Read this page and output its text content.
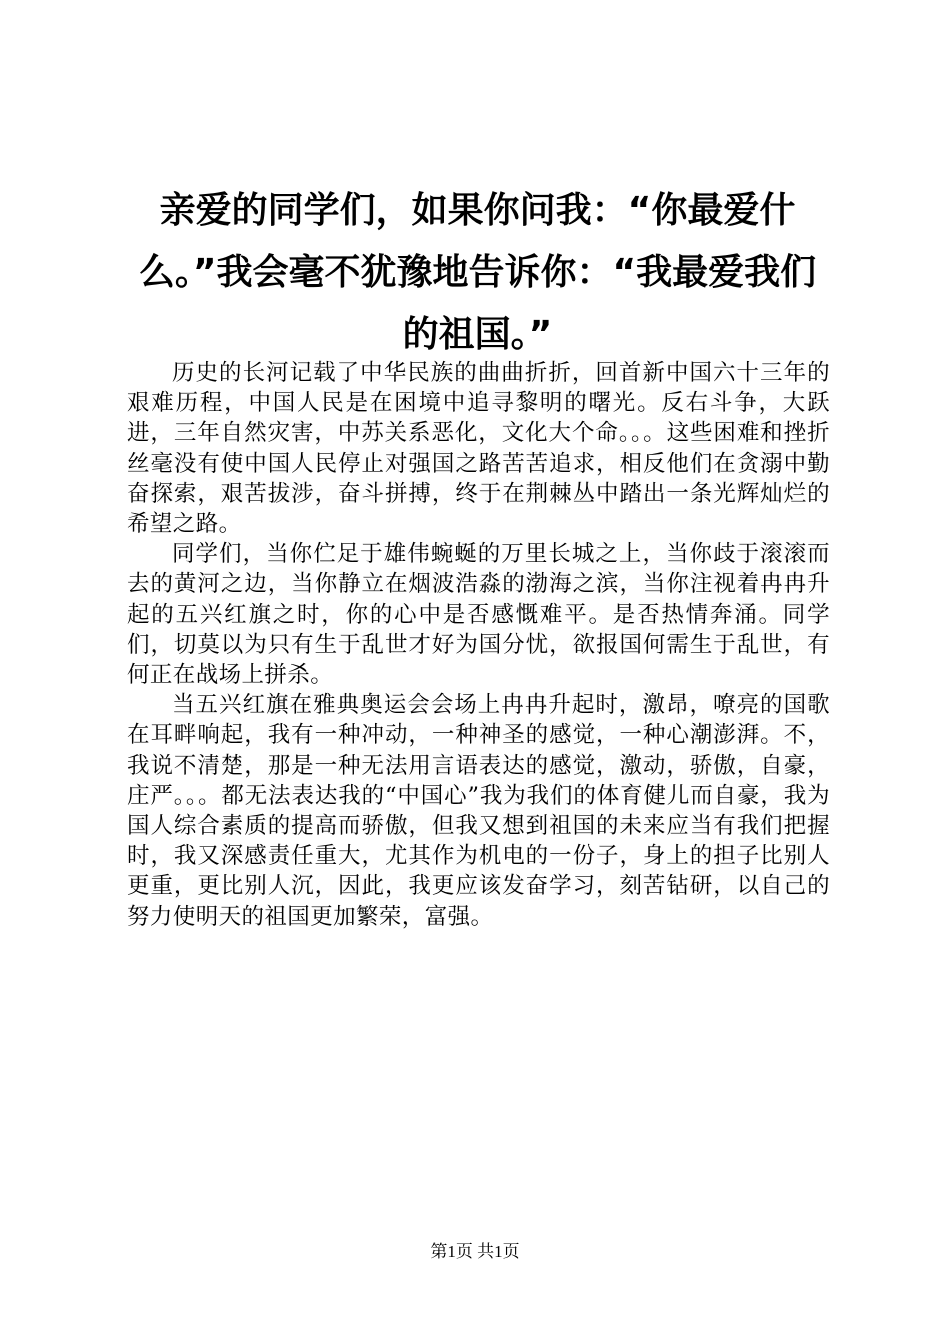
亲爱的同学们，如果你问我：“你最爱什么。”我会毫不犹豫地告诉你：“我最爱我们的祖国。”

历史的长河记载了中华民族的曲曲折折，回首新中国六十三年的艰难历程，中国人民是在困境中追寻黎明的曙光。反右斗争，大跃进，三年自然灾害，中苏关系恶化，文化大个命。。。这些困难和挫折丝毫没有使中国人民停止对强国之路苦苦追求，相反他们在贪溺中勤奋探索，艰苦拔涉，奋斗拼搏，终于在荆棘丛中踏出一条光辉灿烂的希望之路。

同学们，当你伫足于雄伟蜿蜒的万里长城之上，当你歧于滚滚而去的黄河之边，当你静立在烟波浩淼的渤海之滨，当你注视着冉冉升起的五兴红旗之时，你的心中是否感慨难平。是否热情奔涌。同学们，切莫以为只有生于乱世才好为国分忧，欲报国何需生于乱世，有何正在战场上拼杀。

当五兴红旗在雅典奥运会会场上冉冉升起时，激昂，嘹亮的国歌在耳畔响起，我有一种冲动，一种神圣的感觉，一种心潮澎湃。不，我说不清楚，那是一种无法用言语表达的感觉，激动，骄傲，自豪，庄严。。。都无法表达我的“中国心”我为我们的体育健儿而自豪，我为国人综合素质的提高而骄傲，但我又想到祖国的未来应当有我们把握时，我又深感责任重大，尤其作为机电的一份子，身上的担子比别人更重，更比别人沉，因此，我更应该发奋学习，刻苦钻研，以自己的努力使明天的祖国更加繁荣，富强。

第1页 共1页
